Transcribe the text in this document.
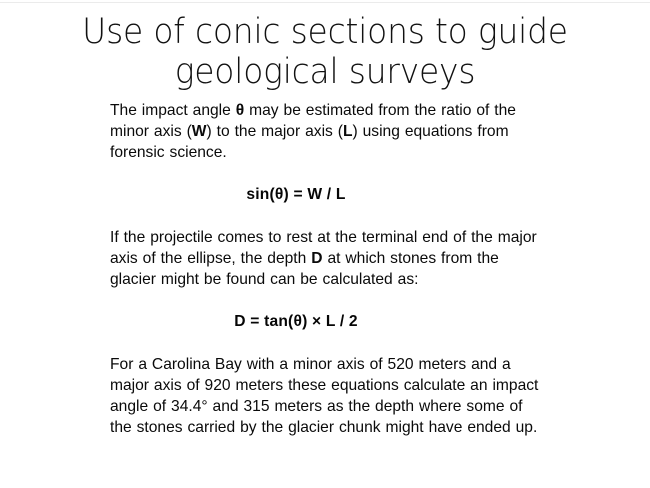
Use of conic sections to guide
geological surveys

The impact angle θ may be estimated from the ratio of the minor axis (W) to the major axis (L) using equations from forensic science.

sin(θ) = W / L

If the projectile comes to rest at the terminal end of the major axis of the ellipse, the depth D at which stones from the glacier might be found can be calculated as:

D = tan(θ) × L / 2

For a Carolina Bay with a minor axis of 520 meters and a major axis of 920 meters these equations calculate an impact angle of 34.4° and 315 meters as the depth where some of the stones carried by the glacier chunk might have ended up.
